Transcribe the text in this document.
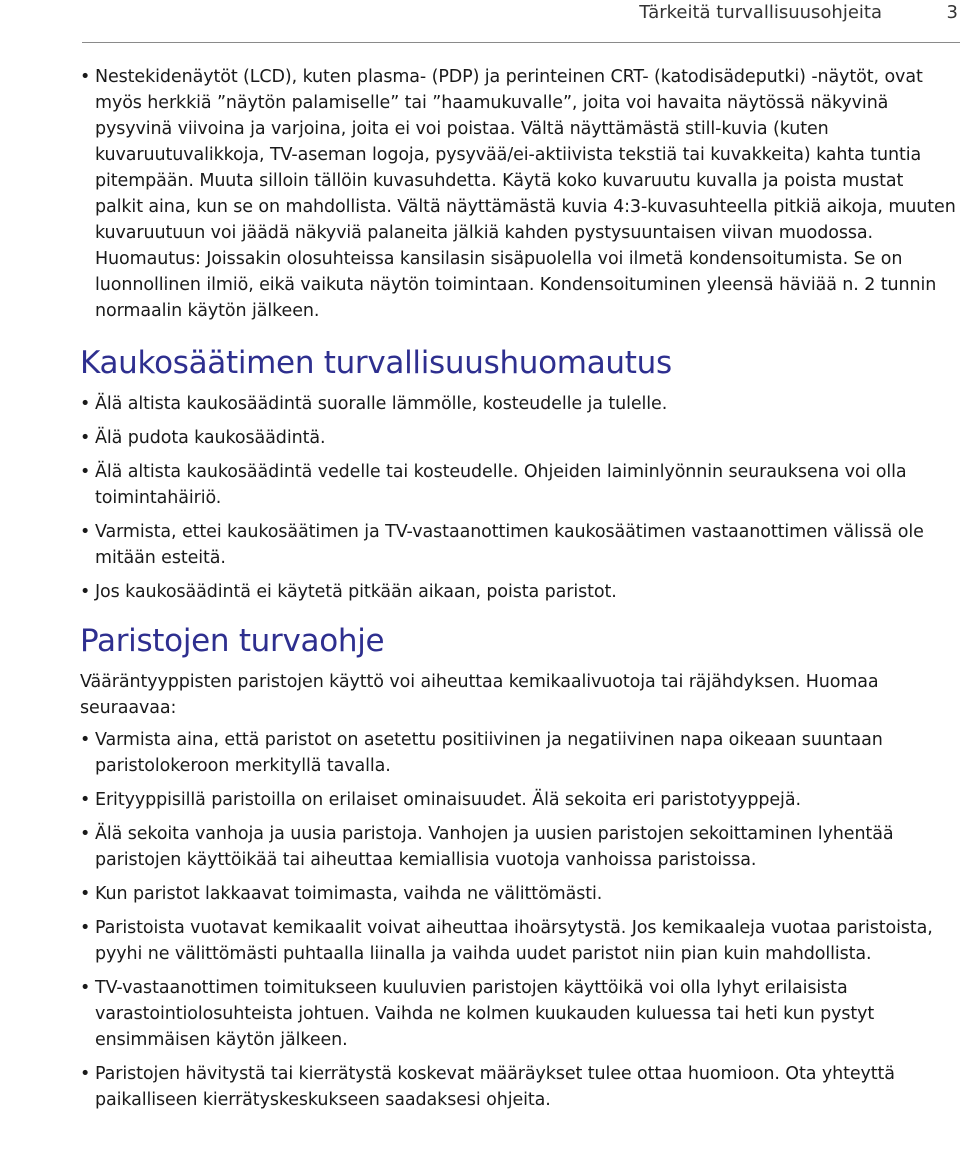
Tärkeitä turvallisuusohjeita	3
• Nestekidenäytöt (LCD), kuten plasma- (PDP) ja perinteinen CRT- (katodisädeputki) -näytöt, ovat myös herkkiä ”näytön palamiselle” tai ”haamukuvalle”, joita voi havaita näytössä näkyvinä pysyvinä viivoina ja varjoina, joita ei voi poistaa. Vältä näyttämästä still-kuvia (kuten kuvaruutuvalikkoja, TV-aseman logoja, pysyvää/ei-aktiivista tekstiä tai kuvakkeita) kahta tuntia pitempään. Muuta silloin tällöin kuvasuhdetta. Käytä koko kuvaruutu kuvalla ja poista mustat palkit aina, kun se on mahdollista. Vältä näyttämästä kuvia 4:3-kuvasuhteella pitkiä aikoja, muuten kuvaruutuun voi jäädä näkyviä palaneita jälkiä kahden pystysuuntaisen viivan muodossa.
Huomautus: Joissakin olosuhteissa kansilasin sisäpuolella voi ilmetä kondensoitumista. Se on luonnollinen ilmiö, eikä vaikuta näytön toimintaan. Kondensoituminen yleensä häviää n. 2 tunnin normaalin käytön jälkeen.
Kaukosäätimen turvallisuushuomautus
• Älä altista kaukosäädintä suoralle lämmölle, kosteudelle ja tulelle.
• Älä pudota kaukosäädintä.
• Älä altista kaukosäädintä vedelle tai kosteudelle. Ohjeiden laiminlyönnin seurauksena voi olla toimintahäiriö.
• Varmista, ettei kaukosäätimen ja TV-vastaanottimen kaukosäätimen vastaanottimen välissä ole mitään esteitä.
• Jos kaukosäädintä ei käytetä pitkään aikaan, poista paristot.
Paristojen turvaohje

Vääräntyyppisten paristojen käyttö voi aiheuttaa kemikaalivuotoja tai räjähdyksen. Huomaa seuraavaa:

• Varmista aina, että paristot on asetettu positiivinen ja negatiivinen napa oikeaan suuntaan paristolokeroon merkityllä tavalla.
• Erityyppisillä paristoilla on erilaiset ominaisuudet. Älä sekoita eri paristotyyppejä.
• Älä sekoita vanhoja ja uusia paristoja. Vanhojen ja uusien paristojen sekoittaminen lyhentää paristojen käyttöikää tai aiheuttaa kemiallisia vuotoja vanhoissa paristoissa.
• Kun paristot lakkaavat toimimasta, vaihda ne välittömästi.
• Paristoista vuotavat kemikaalit voivat aiheuttaa ihoärsytystä. Jos kemikaaleja vuotaa paristoista, pyyhi ne välittömästi puhtaalla liinalla ja vaihda uudet paristot niin pian kuin mahdollista.
• TV-vastaanottimen toimitukseen kuuluvien paristojen käyttöikä voi olla lyhyt erilaisista varastointiolosuhteista johtuen. Vaihda ne kolmen kuukauden kuluessa tai heti kun pystyt ensimmäisen käytön jälkeen.
• Paristojen hävitystä tai kierrätystä koskevat määräykset tulee ottaa huomioon. Ota yhteyttä paikalliseen kierrätyskeskukseen saadaksesi ohjeita.
